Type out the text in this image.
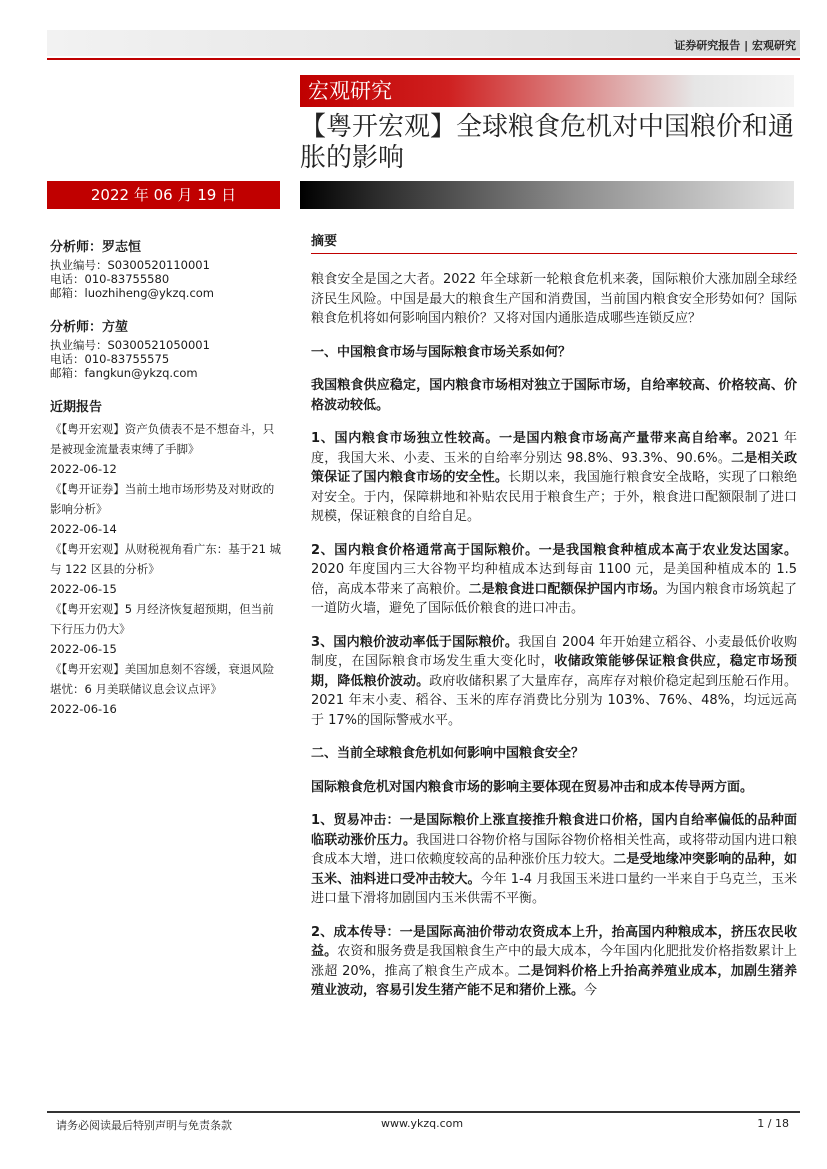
证券研究报告 | 宏观研究
宏观研究
【粤开宏观】全球粮食危机对中国粮价和通胀的影响
2022 年 06 月 19 日
分析师：罗志恒
执业编号：S0300520110001
电话：010-83755580
邮箱：luozhiheng@ykzq.com
分析师：方堃
执业编号：S0300521050001
电话：010-83755575
邮箱：fangkun@ykzq.com
近期报告
《【粤开宏观】资产负债表不是不想奋斗，只是被现金流量表束缚了手脚》
2022-06-12
《【粤开证券】当前土地市场形势及对财政的影响分析》
2022-06-14
《【粤开宏观】从财税视角看广东：基于21 城与 122 区县的分析》
2022-06-15
《【粤开宏观】5 月经济恢复超预期，但当前下行压力仍大》
2022-06-15
《【粤开宏观】美国加息刻不容缓，衰退风险堪忧：6 月美联储议息会议点评》
2022-06-16
摘要

粮食安全是国之大者。2022 年全球新一轮粮食危机来袭，国际粮价大涨加剧全球经济民生风险。中国是最大的粮食生产国和消费国，当前国内粮食安全形势如何？国际粮食危机将如何影响国内粮价？又将对国内通胀造成哪些连锁反应？

一、中国粮食市场与国际粮食市场关系如何？

我国粮食供应稳定，国内粮食市场相对独立于国际市场，自给率较高、价格较高、价格波动较低。

1、国内粮食市场独立性较高。一是国内粮食市场高产量带来高自给率。2021 年度，我国大米、小麦、玉米的自给率分别达 98.8%、93.3%、90.6%。二是相关政策保证了国内粮食市场的安全性。长期以来，我国施行粮食安全战略，实现了口粮绝对安全。于内，保障耕地和补贴农民用于粮食生产；于外，粮食进口配额限制了进口规模，保证粮食的自给自足。

2、国内粮食价格通常高于国际粮价。一是我国粮食种植成本高于农业发达国家。2020 年度国内三大谷物平均种植成本达到每亩 1100 元，是美国种植成本的 1.5 倍，高成本带来了高粮价。二是粮食进口配额保护国内市场。为国内粮食市场筑起了一道防火墙，避免了国际低价粮食的进口冲击。

3、国内粮价波动率低于国际粮价。我国自 2004 年开始建立稻谷、小麦最低价收购制度，在国际粮食市场发生重大变化时，收储政策能够保证粮食供应，稳定市场预期，降低粮价波动。政府收储积累了大量库存，高库存对粮价稳定起到压舱石作用。2021 年末小麦、稻谷、玉米的库存消费比分别为 103%、76%、48%，均远远高于 17%的国际警戒水平。

二、当前全球粮食危机如何影响中国粮食安全？

国际粮食危机对国内粮食市场的影响主要体现在贸易冲击和成本传导两方面。

1、贸易冲击：一是国际粮价上涨直接推升粮食进口价格，国内自给率偏低的品种面临联动涨价压力。我国进口谷物价格与国际谷物价格相关性高，或将带动国内进口粮食成本大增，进口依赖度较高的品种涨价压力较大。二是受地缘冲突影响的品种，如玉米、油料进口受冲击较大。今年 1-4 月我国玉米进口量约一半来自于乌克兰，玉米进口量下滑将加剧国内玉米供需不平衡。

2、成本传导：一是国际高油价带动农资成本上升，抬高国内种粮成本，挤压农民收益。农资和服务费是我国粮食生产中的最大成本，今年国内化肥批发价格指数累计上涨超 20%，推高了粮食生产成本。二是饲料价格上升抬高养殖业成本，加剧生猪养殖业波动，容易引发生猪产能不足和猪价上涨。今

请务必阅读最后特别声明与免责条款	www.ykzq.com	1 / 18
